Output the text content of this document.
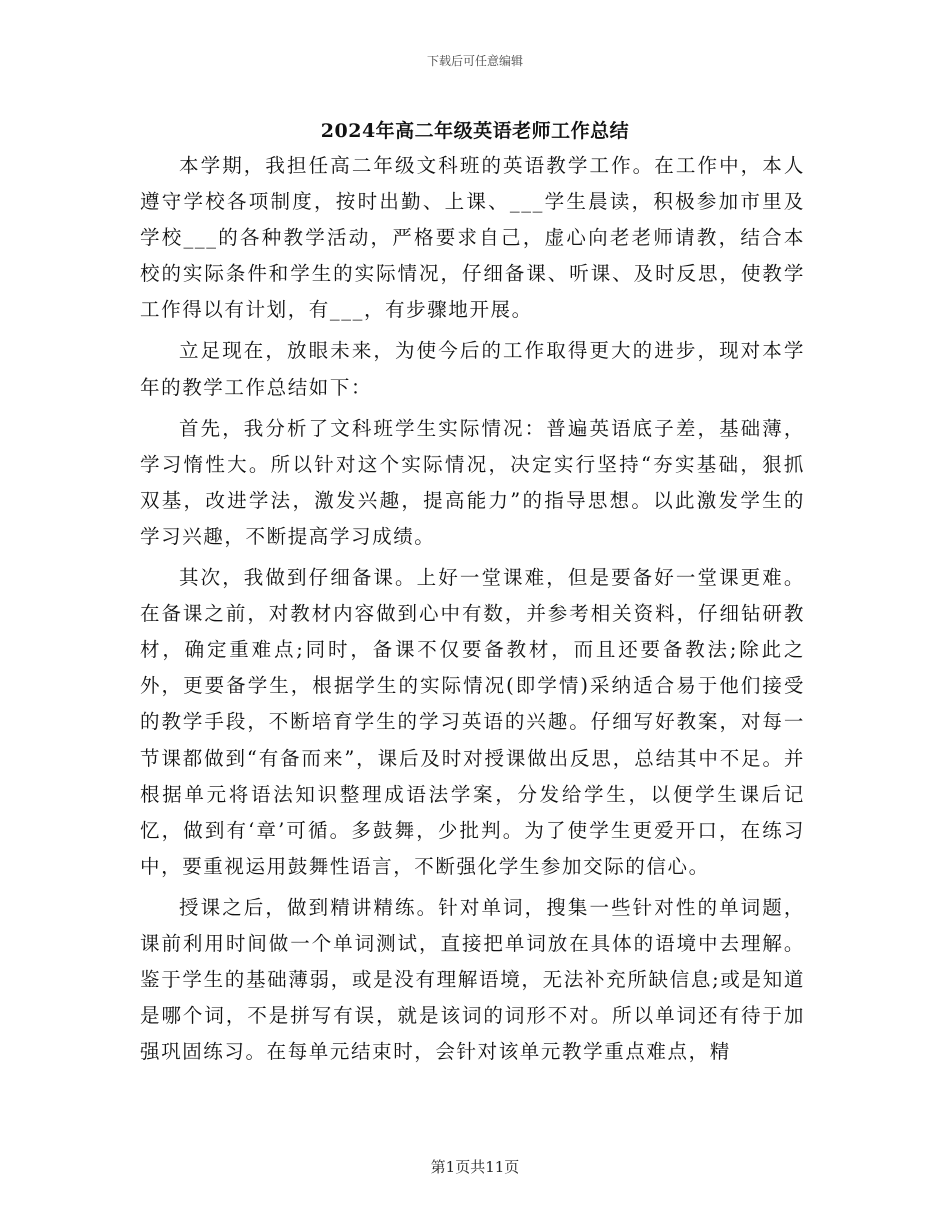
下载后可任意编辑
2024年高二年级英语老师工作总结

本学期，我担任高二年级文科班的英语教学工作。在工作中，本人遵守学校各项制度，按时出勤、上课、___学生晨读，积极参加市里及学校___的各种教学活动，严格要求自己，虚心向老老师请教，结合本校的实际条件和学生的实际情况，仔细备课、听课、及时反思，使教学工作得以有计划，有___，有步骤地开展。

立足现在，放眼未来，为使今后的工作取得更大的进步，现对本学年的教学工作总结如下：

首先，我分析了文科班学生实际情况：普遍英语底子差，基础薄，学习惰性大。所以针对这个实际情况，决定实行坚持“夯实基础，狠抓双基，改进学法，激发兴趣，提高能力”的指导思想。以此激发学生的学习兴趣，不断提高学习成绩。

其次，我做到仔细备课。上好一堂课难，但是要备好一堂课更难。在备课之前，对教材内容做到心中有数，并参考相关资料，仔细钻研教材，确定重难点;同时，备课不仅要备教材，而且还要备教法;除此之外，更要备学生，根据学生的实际情况(即学情)采纳适合易于他们接受的教学手段，不断培育学生的学习英语的兴趣。仔细写好教案，对每一节课都做到“有备而来”，课后及时对授课做出反思，总结其中不足。并根据单元将语法知识整理成语法学案，分发给学生，以便学生课后记忆，做到有‘章’可循。多鼓舞，少批判。为了使学生更爱开口，在练习中，要重视运用鼓舞性语言，不断强化学生参加交际的信心。

授课之后，做到精讲精练。针对单词，搜集一些针对性的单词题，课前利用时间做一个单词测试，直接把单词放在具体的语境中去理解。鉴于学生的基础薄弱，或是没有理解语境，无法补充所缺信息;或是知道是哪个词，不是拼写有误，就是该词的词形不对。所以单词还有待于加强巩固练习。在每单元结束时，会针对该单元教学重点难点，精

第1页共11页
